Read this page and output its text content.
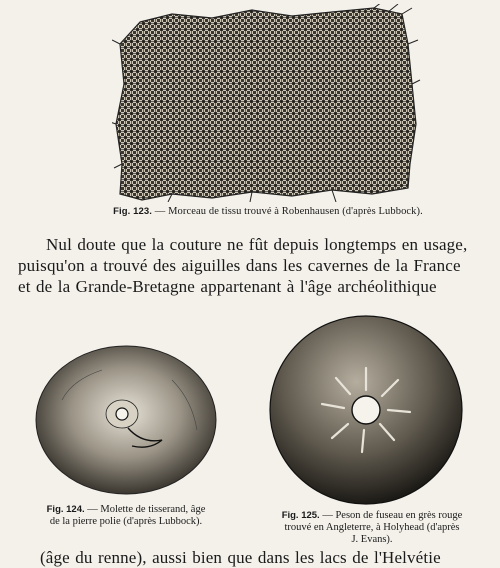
Fig. 123. — Morceau de tissu trouvé à Robenhausen (d'après Lubbock).
Nul doute que la couture ne fût depuis longtemps en usage,
puisqu'on a trouvé des aiguilles dans les cavernes de la France
et de la Grande-Bretagne appartenant à l'âge archéolithique
Fig. 124. — Molette de tisserand, âge
de la pierre polie (d'après Lubbock).
Fig. 125. — Peson de fuseau en grès rouge
trouvé en Angleterre, à Holyhead (d'après
J. Evans).
(âge du renne), aussi bien que dans les lacs de l'Helvétie
